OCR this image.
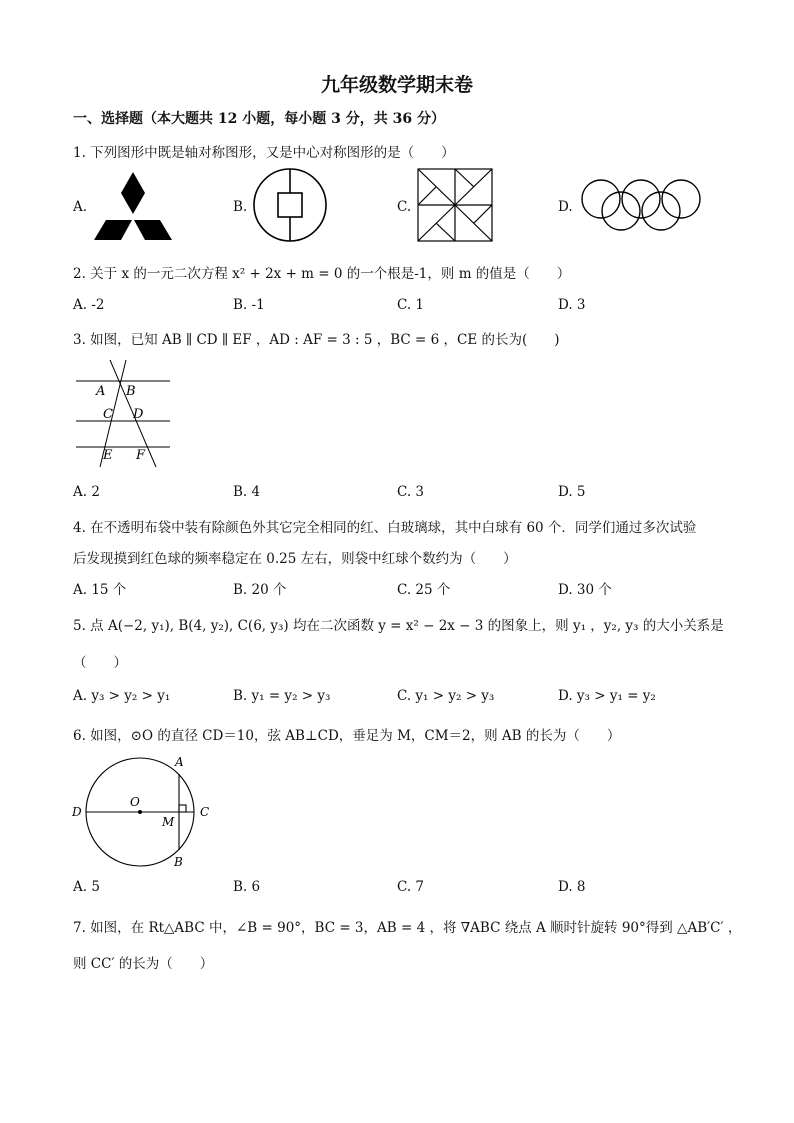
九年级数学期末卷
一、选择题（本大题共 12 小题，每小题 3 分，共 36 分）
1. 下列图形中既是轴对称图形，又是中心对称图形的是（　　）
A.	B.	C.	D.
2. 关于 x 的一元二次方程 x² + 2x + m = 0 的一个根是-1，则 m 的值是（　　）
A. -2	B. -1	C. 1	D. 3
3. 如图，已知 AB ∥ CD ∥ EF ，AD : AF = 3 : 5 ，BC = 6 ，CE 的长为(　　)
A B
C D
E F
A. 2	B. 4	C. 3	D. 5
4. 在不透明布袋中装有除颜色外其它完全相同的红、白玻璃球，其中白球有 60 个．同学们通过多次试验
后发现摸到红色球的频率稳定在 0.25 左右，则袋中红球个数约为（　　）
A. 15 个	B. 20 个	C. 25 个	D. 30 个
5. 点 A(−2, y₁), B(4, y₂), C(6, y₃) 均在二次函数 y = x² − 2x − 3 的图象上，则 y₁ ，y₂, y₃ 的大小关系是
（　　）
A. y₃ > y₂ > y₁	B. y₁ = y₂ > y₃	C. y₁ > y₂ > y₃	D. y₃ > y₁ = y₂
6. 如图，⊙O 的直径 CD＝10，弦 AB⊥CD，垂足为 M，CM＝2，则 AB 的长为（　　）
A
O
D
M
C
B
A. 5	B. 6	C. 7	D. 8
7. 如图，在 Rt△ABC 中，∠B = 90°，BC = 3，AB = 4 ，将 ∇ABC 绕点 A 顺时针旋转 90°得到 △AB′C′ ，
则 CC′ 的长为（　　）
